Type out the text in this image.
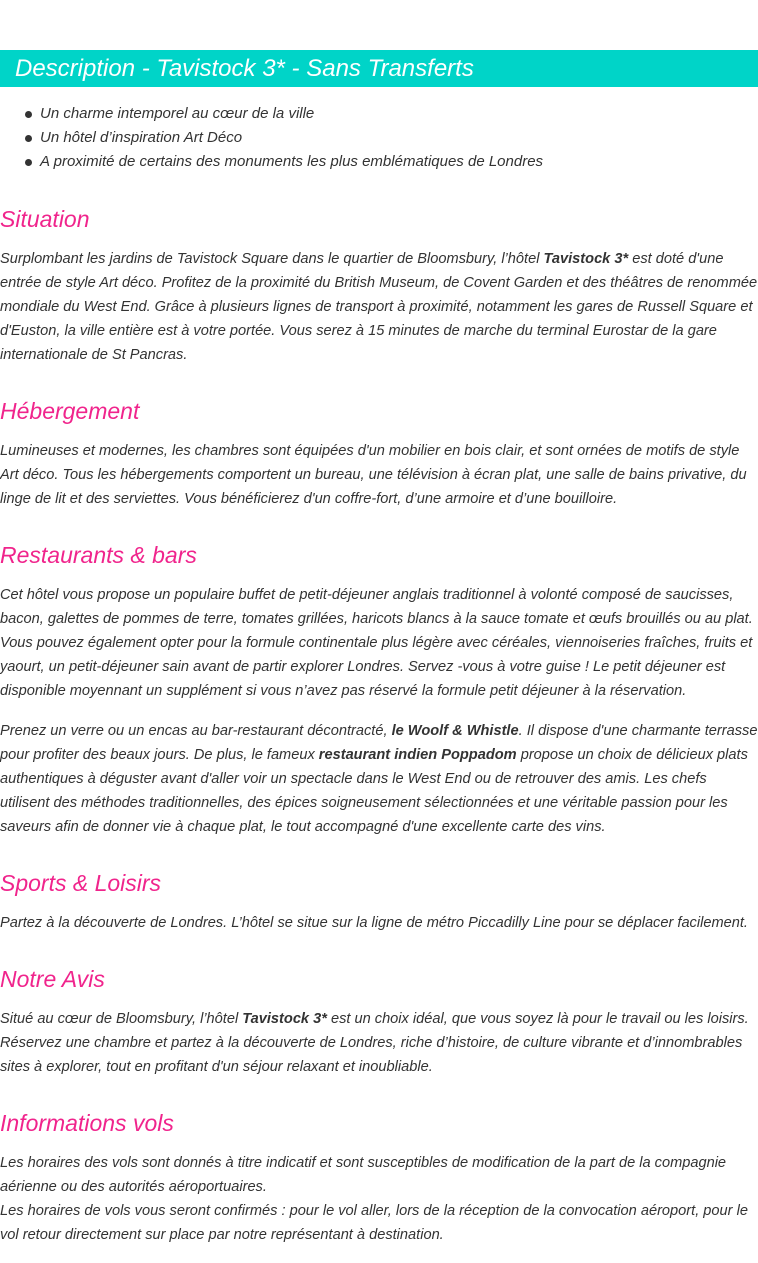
Description - Tavistock 3* - Sans Transferts
Un charme intemporel au cœur de la ville
Un hôtel d’inspiration Art Déco
A proximité de certains des monuments les plus emblématiques de Londres
Situation

Surplombant les jardins de Tavistock Square dans le quartier de Bloomsbury, l’hôtel Tavistock 3* est doté d'une entrée de style Art déco. Profitez de la proximité du British Museum, de Covent Garden et des théâtres de renommée mondiale du West End. Grâce à plusieurs lignes de transport à proximité, notamment les gares de Russell Square et d'Euston, la ville entière est à votre portée. Vous serez à 15 minutes de marche du terminal Eurostar de la gare internationale de St Pancras.

Hébergement

Lumineuses et modernes, les chambres sont équipées d'un mobilier en bois clair, et sont ornées de motifs de style Art déco. Tous les hébergements comportent un bureau, une télévision à écran plat, une salle de bains privative, du linge de lit et des serviettes. Vous bénéficierez d'un coffre-fort, d’une armoire et d’une bouilloire.

Restaurants & bars

Cet hôtel vous propose un populaire buffet de petit-déjeuner anglais traditionnel à volonté composé de saucisses, bacon, galettes de pommes de terre, tomates grillées, haricots blancs à la sauce tomate et œufs brouillés ou au plat. Vous pouvez également opter pour la formule continentale plus légère avec céréales, viennoiseries fraîches, fruits et yaourt, un petit-déjeuner sain avant de partir explorer Londres. Servez -vous à votre guise ! Le petit déjeuner est disponible moyennant un supplément si vous n’avez pas réservé la formule petit déjeuner à la réservation.

Prenez un verre ou un encas au bar-restaurant décontracté, le Woolf & Whistle. Il dispose d'une charmante terrasse pour profiter des beaux jours. De plus, le fameux restaurant indien Poppadom propose un choix de délicieux plats authentiques à déguster avant d'aller voir un spectacle dans le West End ou de retrouver des amis. Les chefs utilisent des méthodes traditionnelles, des épices soigneusement sélectionnées et une véritable passion pour les saveurs afin de donner vie à chaque plat, le tout accompagné d'une excellente carte des vins.

Sports & Loisirs

Partez à la découverte de Londres. L’hôtel se situe sur la ligne de métro Piccadilly Line pour se déplacer facilement.

Notre Avis

Situé au cœur de Bloomsbury, l’hôtel Tavistock 3* est un choix idéal, que vous soyez là pour le travail ou les loisirs. Réservez une chambre et partez à la découverte de Londres, riche d’histoire, de culture vibrante et d’innombrables sites à explorer, tout en profitant d'un séjour relaxant et inoubliable.

Informations vols

Les horaires des vols sont donnés à titre indicatif et sont susceptibles de modification de la part de la compagnie aérienne ou des autorités aéroportuaires.

Les horaires de vols vous seront confirmés : pour le vol aller, lors de la réception de la convocation aéroport, pour le vol retour directement sur place par notre représentant à destination.
